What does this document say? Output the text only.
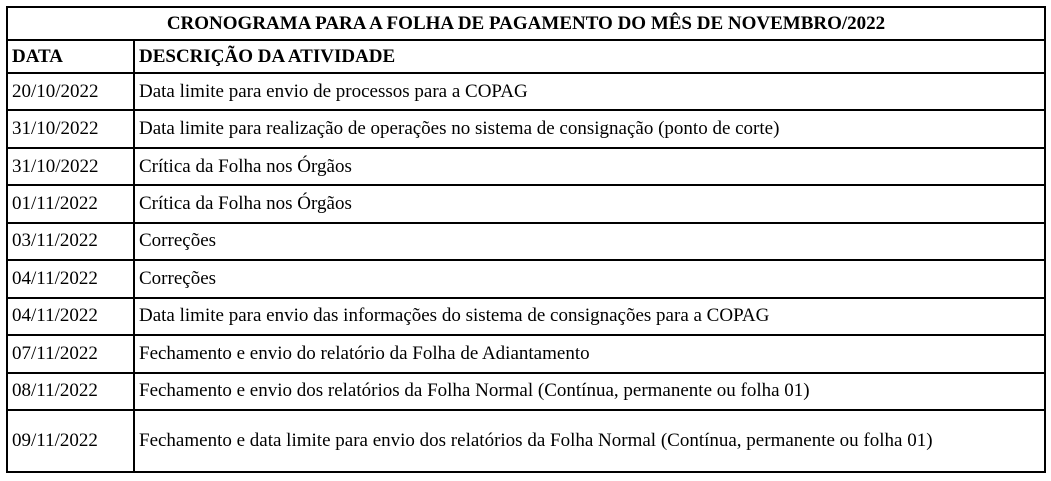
CRONOGRAMA PARA A FOLHA DE PAGAMENTO DO MÊS DE NOVEMBRO/2022	
DATA	DESCRIÇÃO DA ATIVIDADE
20/10/2022	Data limite para envio de processos para a COPAG
31/10/2022	Data limite para realização de operações no sistema de consignação (ponto de corte)
31/10/2022	Crítica da Folha nos Órgãos
01/11/2022	Crítica da Folha nos Órgãos
03/11/2022	Correções
04/11/2022	Correções
04/11/2022	Data limite para envio das informações do sistema de consignações para a COPAG
07/11/2022	Fechamento e envio do relatório da Folha de Adiantamento
08/11/2022	Fechamento e envio dos relatórios da Folha Normal (Contínua, permanente ou folha 01)
09/11/2022	Fechamento e data limite para envio dos relatórios da Folha Normal (Contínua, permanente ou folha 01)
